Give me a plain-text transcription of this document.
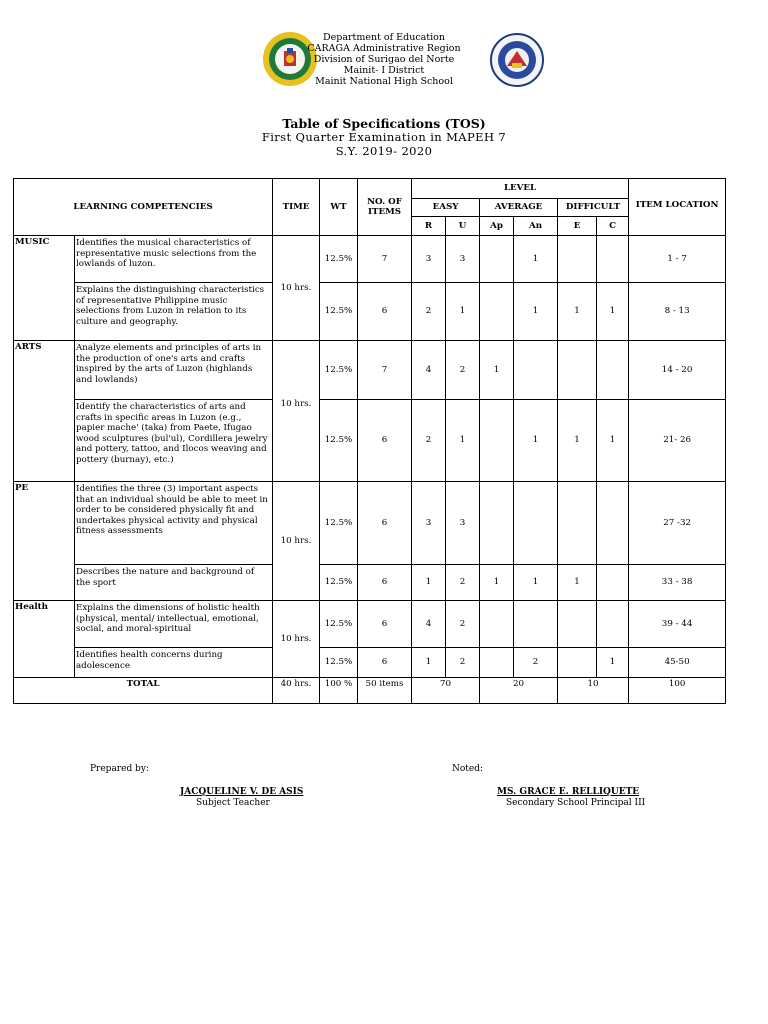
Department of Education
CARAGA Administrative Region
Division of Surigao del Norte
Mainit- I District
Mainit National High School
Table of Specifications (TOS)
First Quarter Examination in MAPEH 7
S.Y. 2019- 2020
LEARNING COMPETENCIES		TIME	WT	NO. OF ITEMS	LEVEL						
					EASY		AVERAGE		DIFFICULT		ITEM LOCATION
					R	U	Ap	An	E	C	
MUSIC	Identifies the musical characteristics of representative music selections from the lowlands of luzon.	10 hrs.	12.5%	7	3	3		1			1 - 7
	Explains the distinguishing characteristics of representative Philippine music selections from Luzon in relation to its culture and geography.		12.5%	6	2	1		1	1	1	8 - 13
ARTS	Analyze elements and principles of arts in the production of one's arts and crafts inspired by the arts of Luzon (highlands and lowlands)	10 hrs.	12.5%	7	4	2	1				14 - 20
	Identify the characteristics of arts and crafts in specific areas in Luzon (e.g., papier mache' (taka) from Paete, Ifugao wood sculptures (bul'ul), Cordillera jewelry and pottery, tattoo, and Ilocos weaving and pottery (burnay), etc.)		12.5%	6	2	1		1	1	1	21- 26
PE	Identifies the three (3) important aspects that an individual should be able to meet in order to be considered physically fit and undertakes physical activity and physical fitness assessments	10 hrs.	12.5%	6	3	3					27 -32
	Describes the nature and background of the sport		12.5%	6	1	2	1	1	1		33 - 38
Health	Explains the dimensions of holistic health (physical, mental/ intellectual, emotional, social, and moral-spiritual	10 hrs.	12.5%	6	4	2					39 - 44
	Identifies health concerns during adolescence		12.5%	6	1	2		2		1	45-50
TOTAL		40 hrs.	100 %	50 items	70		20		10		100
Prepared by:
JACQUELINE V. DE ASIS
Subject Teacher
Noted:
MS. GRACE E. RELLIQUETE
Secondary School Principal III
